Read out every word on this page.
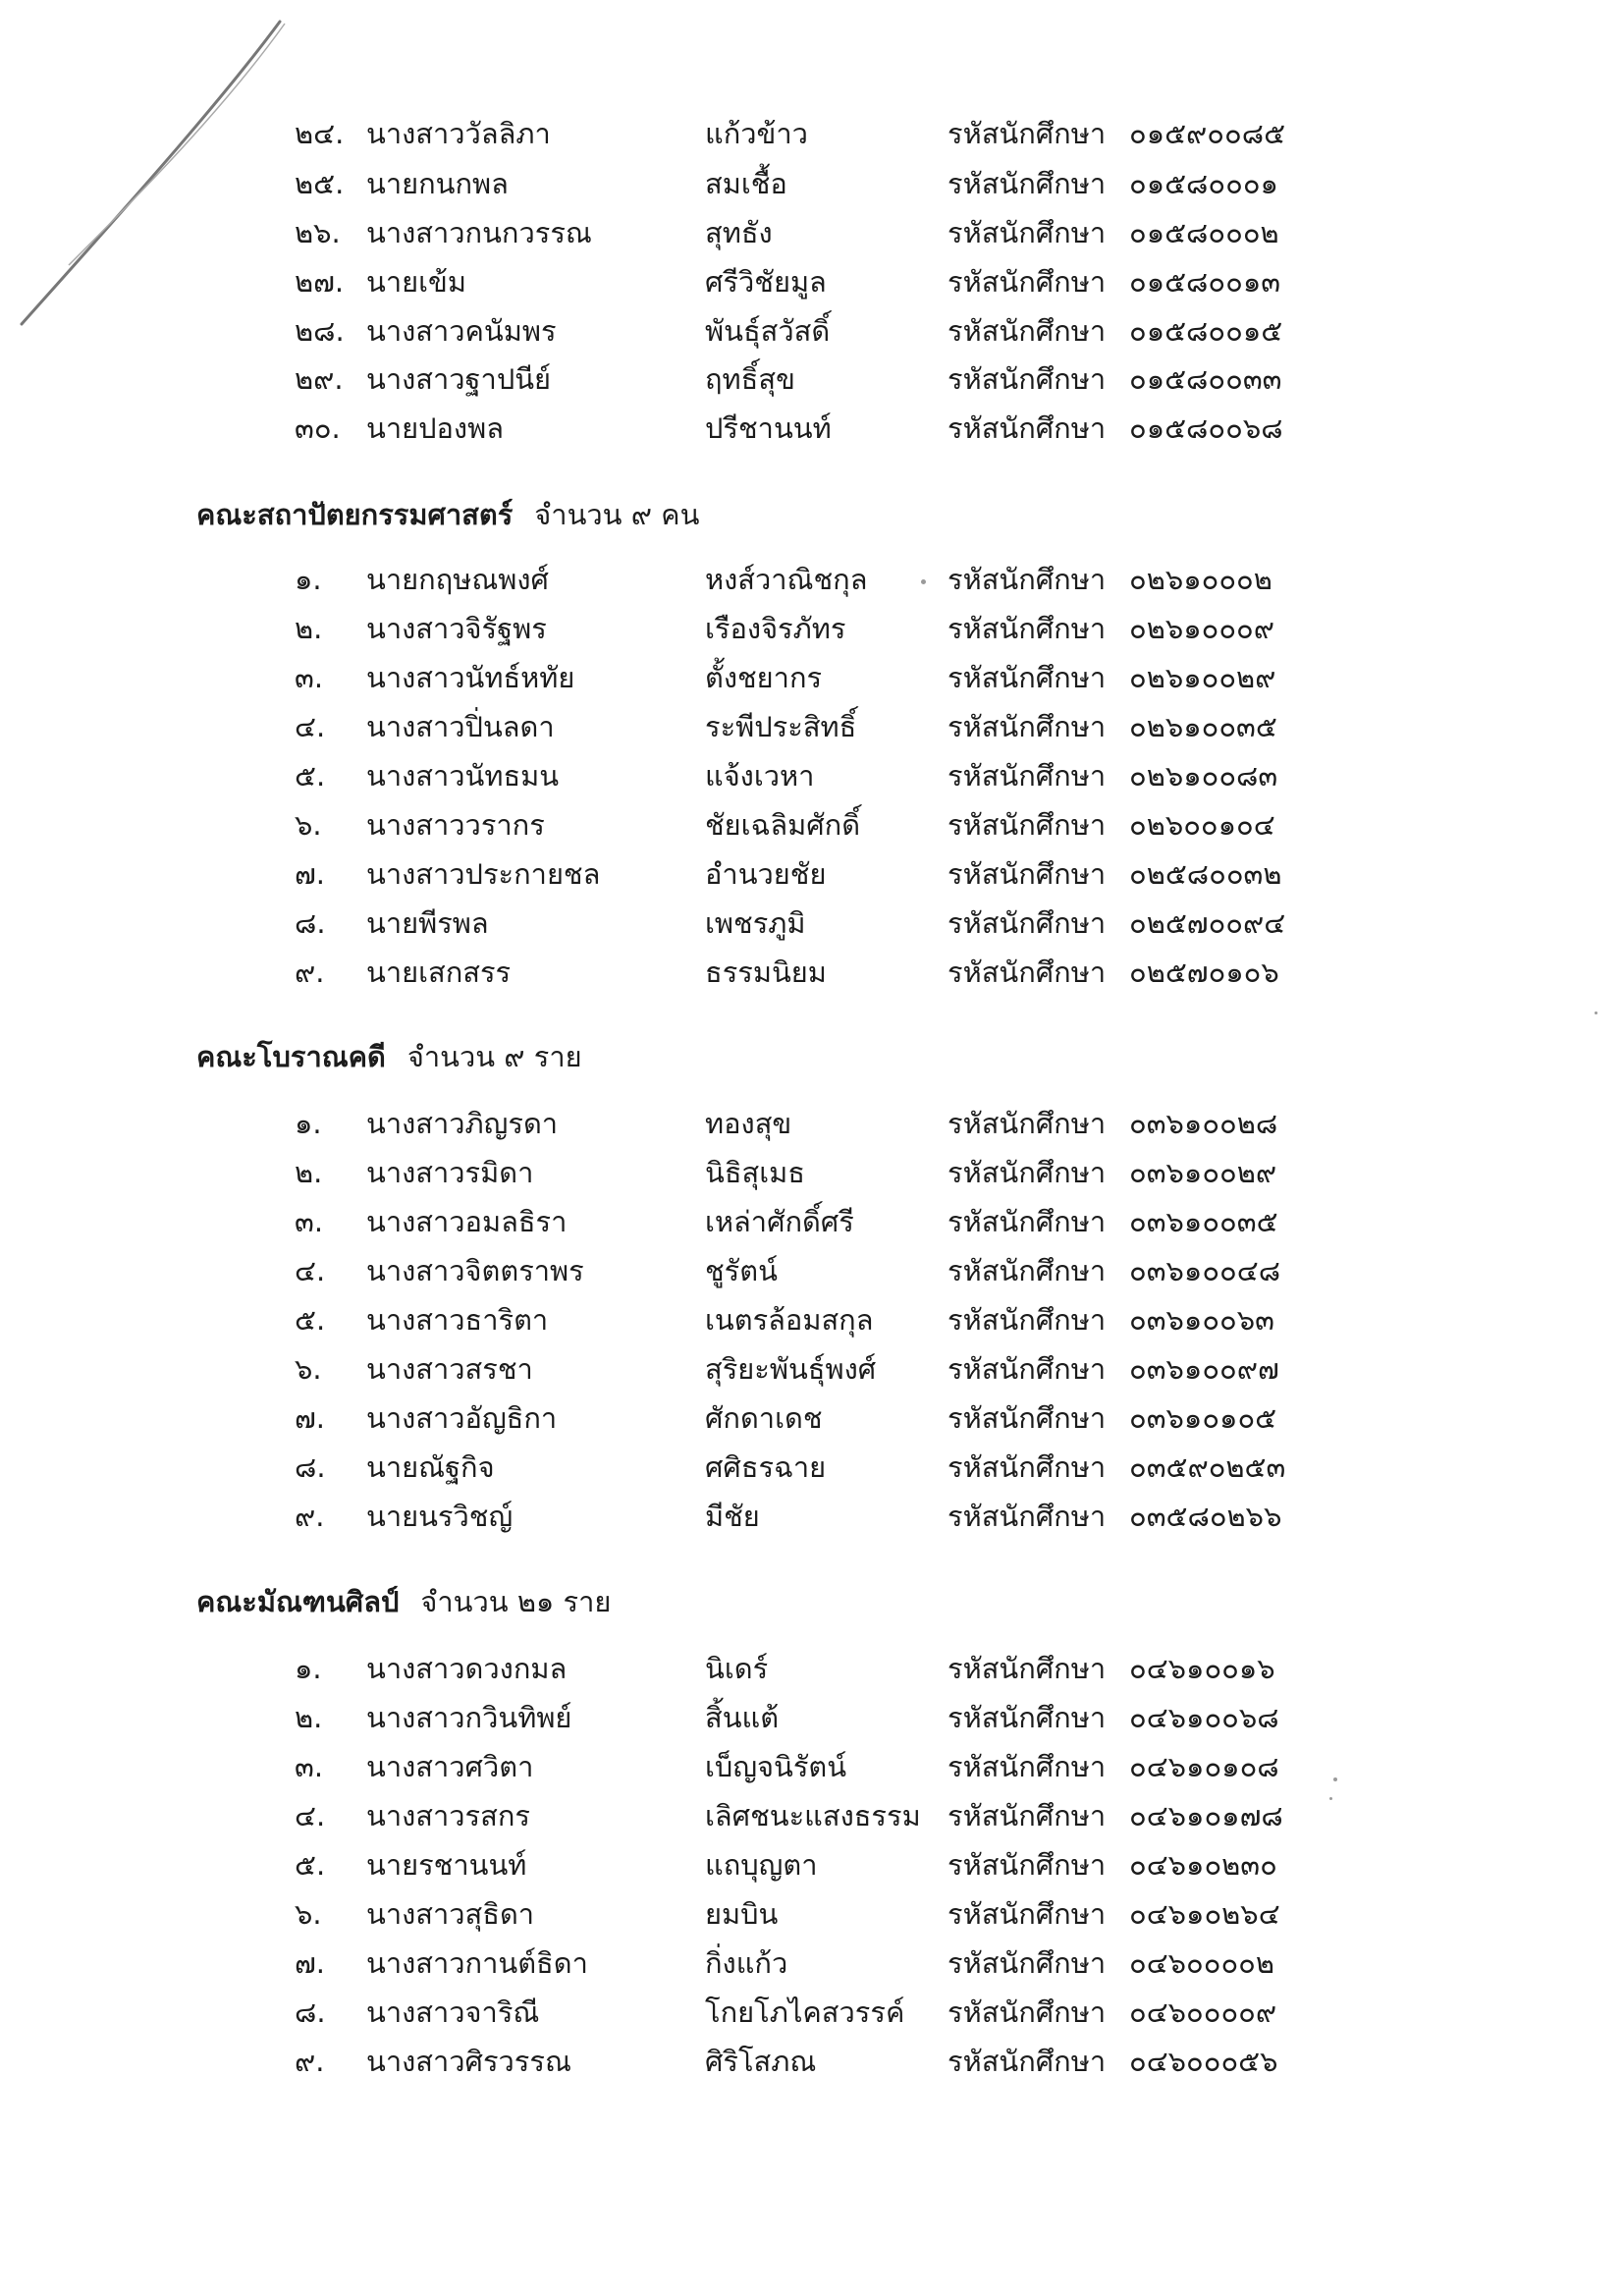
๒๔. นางสาววัลลิภา	แก้วข้าว	รหัสนักศึกษา ๐๑๕๙๐๐๘๕
๒๕. นายกนกพล	สมเชื้อ	รหัสนักศึกษา ๐๑๕๘๐๐๐๑
๒๖. นางสาวกนกวรรณ	สุทธัง	รหัสนักศึกษา ๐๑๕๘๐๐๐๒
๒๗. นายเข้ม	ศรีวิชัยมูล	รหัสนักศึกษา ๐๑๕๘๐๐๑๓
๒๘. นางสาวคนัมพร	พันธุ์สวัสดิ์	รหัสนักศึกษา ๐๑๕๘๐๐๑๕
๒๙. นางสาวฐาปนีย์	ฤทธิ์สุข	รหัสนักศึกษา ๐๑๕๘๐๐๓๓
๓๐. นายปองพล	ปรีชานนท์	รหัสนักศึกษา ๐๑๕๘๐๐๖๘
คณะสถาปัตยกรรมศาสตร์ จำนวน ๙ คน
๑. นายกฤษณพงศ์	หงส์วาณิชกุล	รหัสนักศึกษา ๐๒๖๑๐๐๐๒
๒. นางสาวจิรัฐพร	เรืองจิรภัทร	รหัสนักศึกษา ๐๒๖๑๐๐๐๙
๓. นางสาวนัทธ์หทัย	ตั้งชยากร	รหัสนักศึกษา ๐๒๖๑๐๐๒๙
๔. นางสาวปิ่นลดา	ระพีประสิทธิ์	รหัสนักศึกษา ๐๒๖๑๐๐๓๕
๕. นางสาวนัทธมน	แจ้งเวหา	รหัสนักศึกษา ๐๒๖๑๐๐๘๓
๖. นางสาววรากร	ชัยเฉลิมศักดิ์	รหัสนักศึกษา ๐๒๖๐๐๑๐๔
๗. นางสาวประกายชล	อำนวยชัย	รหัสนักศึกษา ๐๒๕๘๐๐๓๒
๘. นายพีรพล	เพชรภูมิ	รหัสนักศึกษา ๐๒๕๗๐๐๙๔
๙. นายเสกสรร	ธรรมนิยม	รหัสนักศึกษา ๐๒๕๗๐๑๐๖
คณะโบราณคดี จำนวน ๙ ราย
๑. นางสาวภิญรดา	ทองสุข	รหัสนักศึกษา ๐๓๖๑๐๐๒๘
๒. นางสาวรมิดา	นิธิสุเมธ	รหัสนักศึกษา ๐๓๖๑๐๐๒๙
๓. นางสาวอมลธิรา	เหล่าศักดิ์ศรี	รหัสนักศึกษา ๐๓๖๑๐๐๓๕
๔. นางสาวจิตตราพร	ชูรัตน์	รหัสนักศึกษา ๐๓๖๑๐๐๔๘
๕. นางสาวธาริตา	เนตรล้อมสกุล	รหัสนักศึกษา ๐๓๖๑๐๐๖๓
๖. นางสาวสรชา	สุริยะพันธุ์พงศ์	รหัสนักศึกษา ๐๓๖๑๐๐๙๗
๗. นางสาวอัญธิกา	ศักดาเดช	รหัสนักศึกษา ๐๓๖๑๐๑๐๕
๘. นายณัฐกิจ	ศศิธรฉาย	รหัสนักศึกษา ๐๓๕๙๐๒๕๓
๙. นายนรวิชญ์	มีชัย	รหัสนักศึกษา ๐๓๕๘๐๒๖๖
คณะมัณฑนศิลป์ จำนวน ๒๑ ราย
๑. นางสาวดวงกมล	นิเดร์	รหัสนักศึกษา ๐๔๖๑๐๐๑๖
๒. นางสาวกวินทิพย์	สิ้นแต้	รหัสนักศึกษา ๐๔๖๑๐๐๖๘
๓. นางสาวศวิตา	เบ็ญจนิรัตน์	รหัสนักศึกษา ๐๔๖๑๐๑๐๘
๔. นางสาวรสกร	เลิศชนะแสงธรรม รหัสนักศึกษา ๐๔๖๑๐๑๗๘
๕. นายรชานนท์	แถบุญตา	รหัสนักศึกษา ๐๔๖๑๐๒๓๐
๖. นางสาวสุธิดา	ยมบิน	รหัสนักศึกษา ๐๔๖๑๐๒๖๔
๗. นางสาวกานต์ธิดา	กิ่งแก้ว	รหัสนักศึกษา ๐๔๖๐๐๐๐๒
๘. นางสาวจาริณี	โกยโภไคสวรรค์ รหัสนักศึกษา ๐๔๖๐๐๐๐๙
๙. นางสาวศิรวรรณ	ศิริโสภณ	รหัสนักศึกษา ๐๔๖๐๐๐๕๖
